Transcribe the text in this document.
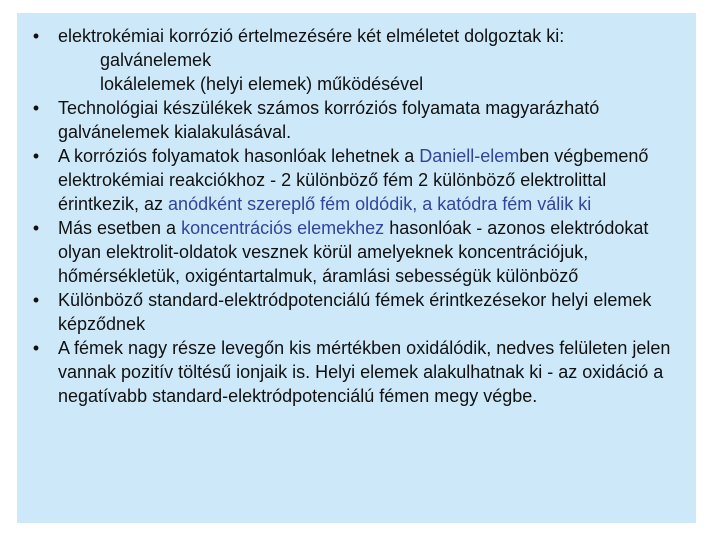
• elektrokémiai korrózió értelmezésére két elméletet dolgoztak ki:
galvánelemek
lokálelemek (helyi elemek) működésével
• Technológiai készülékek számos korróziós folyamata magyarázható galvánelemek kialakulásával.
• A korróziós folyamatok hasonlóak lehetnek a Daniell-elemben végbemenő elektrokémiai reakciókhoz - 2 különböző fém 2 különböző elektrolittal érintkezik, az anódként szereplő fém oldódik, a katódra fém válik ki
• Más esetben a koncentrációs elemekhez hasonlóak - azonos elektródokat olyan elektrolit-oldatok vesznek körül amelyeknek koncentrációjuk, hőmérsékletük, oxigéntartalmuk, áramlási sebességük különböző
• Különböző standard-elektródpotenciálú fémek érintkezésekor helyi elemek képződnek
• A fémek nagy része levegőn kis mértékben oxidálódik, nedves felületen jelen vannak pozitív töltésű ionjaik is. Helyi elemek alakulhatnak ki - az oxidáció a negatívabb standard-elektródpotenciálú fémen megy végbe.
